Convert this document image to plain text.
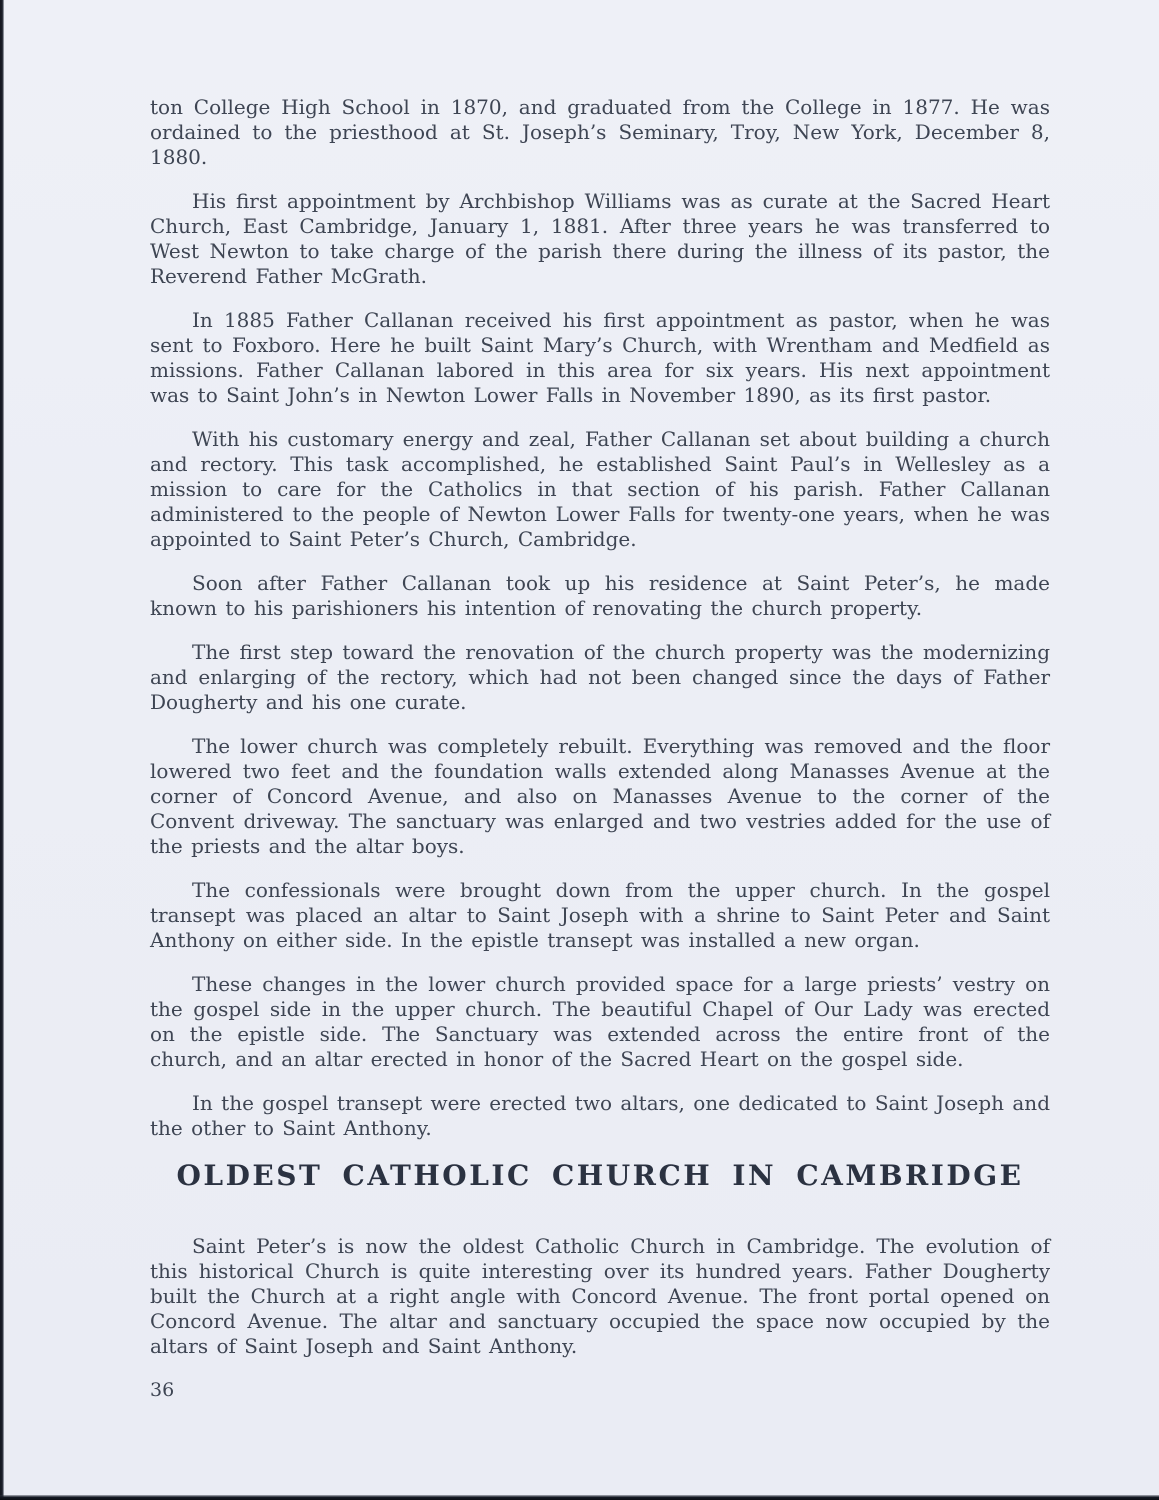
ton College High School in 1870, and graduated from the College in 1877. He was ordained to the priesthood at St. Joseph’s Seminary, Troy, New York, December 8, 1880.

His first appointment by Archbishop Williams was as curate at the Sacred Heart Church, East Cambridge, January 1, 1881. After three years he was transferred to West Newton to take charge of the parish there during the illness of its pastor, the Reverend Father McGrath.

In 1885 Father Callanan received his first appointment as pastor, when he was sent to Foxboro. Here he built Saint Mary’s Church, with Wrentham and Medfield as missions. Father Callanan labored in this area for six years. His next appointment was to Saint John’s in Newton Lower Falls in November 1890, as its first pastor.

With his customary energy and zeal, Father Callanan set about building a church and rectory. This task accomplished, he established Saint Paul’s in Wellesley as a mission to care for the Catholics in that section of his parish. Father Callanan administered to the people of Newton Lower Falls for twenty-one years, when he was appointed to Saint Peter’s Church, Cambridge.

Soon after Father Callanan took up his residence at Saint Peter’s, he made known to his parishioners his intention of renovating the church property.

The first step toward the renovation of the church property was the modernizing and enlarging of the rectory, which had not been changed since the days of Father Dougherty and his one curate.

The lower church was completely rebuilt. Everything was removed and the floor lowered two feet and the foundation walls extended along Manasses Avenue at the corner of Concord Avenue, and also on Manasses Avenue to the corner of the Convent driveway. The sanctuary was enlarged and two vestries added for the use of the priests and the altar boys.

The confessionals were brought down from the upper church. In the gospel transept was placed an altar to Saint Joseph with a shrine to Saint Peter and Saint Anthony on either side. In the epistle transept was installed a new organ.

These changes in the lower church provided space for a large priests’ vestry on the gospel side in the upper church. The beautiful Chapel of Our Lady was erected on the epistle side. The Sanctuary was extended across the entire front of the church, and an altar erected in honor of the Sacred Heart on the gospel side.

In the gospel transept were erected two altars, one dedicated to Saint Joseph and the other to Saint Anthony.

OLDEST CATHOLIC CHURCH IN CAMBRIDGE

Saint Peter’s is now the oldest Catholic Church in Cambridge. The evolution of this historical Church is quite interesting over its hundred years. Father Dougherty built the Church at a right angle with Concord Avenue. The front portal opened on Concord Avenue. The altar and sanctuary occupied the space now occupied by the altars of Saint Joseph and Saint Anthony.

36
